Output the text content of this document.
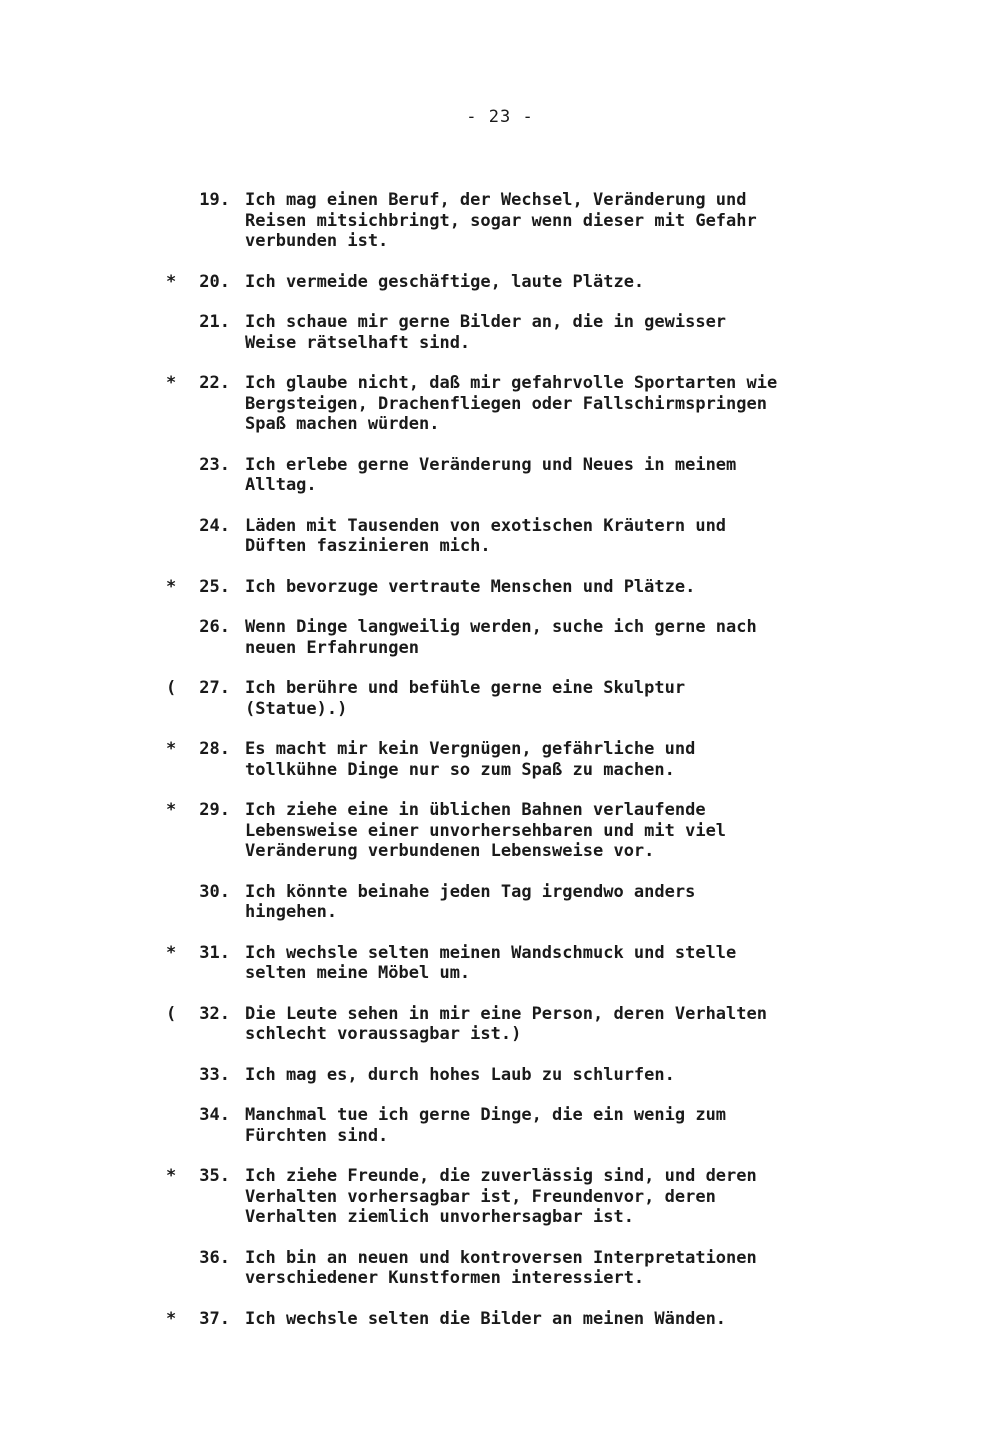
- 23 -
19. Ich mag einen Beruf, der Wechsel, Veränderung und
Reisen mitsichbringt, sogar wenn dieser mit Gefahr
verbunden ist.
*	20. Ich vermeide geschäftige, laute Plätze.
21. Ich schaue mir gerne Bilder an, die in gewisser
Weise rätselhaft sind.
*	22. Ich glaube nicht, daß mir gefahrvolle Sportarten wie
Bergsteigen, Drachenfliegen oder Fallschirmspringen
Spaß machen würden.
23. Ich erlebe gerne Veränderung und Neues in meinem
Alltag.
24. Läden mit Tausenden von exotischen Kräutern und
Düften faszinieren mich.
*	25. Ich bevorzuge vertraute Menschen und Plätze.
26. Wenn Dinge langweilig werden, suche ich gerne nach
neuen Erfahrungen
(	27. Ich berühre und befühle gerne eine Skulptur
(Statue).)
*	28. Es macht mir kein Vergnügen, gefährliche und
tollkühne Dinge nur so zum Spaß zu machen.
*	29. Ich ziehe eine in üblichen Bahnen verlaufende
Lebensweise einer unvorhersehbaren und mit viel
Veränderung verbundenen Lebensweise vor.
30. Ich könnte beinahe jeden Tag irgendwo anders
hingehen.
*	31. Ich wechsle selten meinen Wandschmuck und stelle
selten meine Möbel um.
(	32. Die Leute sehen in mir eine Person, deren Verhalten
schlecht voraussagbar ist.)
33. Ich mag es, durch hohes Laub zu schlurfen.
34. Manchmal tue ich gerne Dinge, die ein wenig zum
Fürchten sind.
*	35. Ich ziehe Freunde, die zuverlässig sind, und deren
Verhalten vorhersagbar ist, Freundenvor, deren
Verhalten ziemlich unvorhersagbar ist.
36. Ich bin an neuen und kontroversen Interpretationen
verschiedener Kunstformen interessiert.
*	37. Ich wechsle selten die Bilder an meinen Wänden.
